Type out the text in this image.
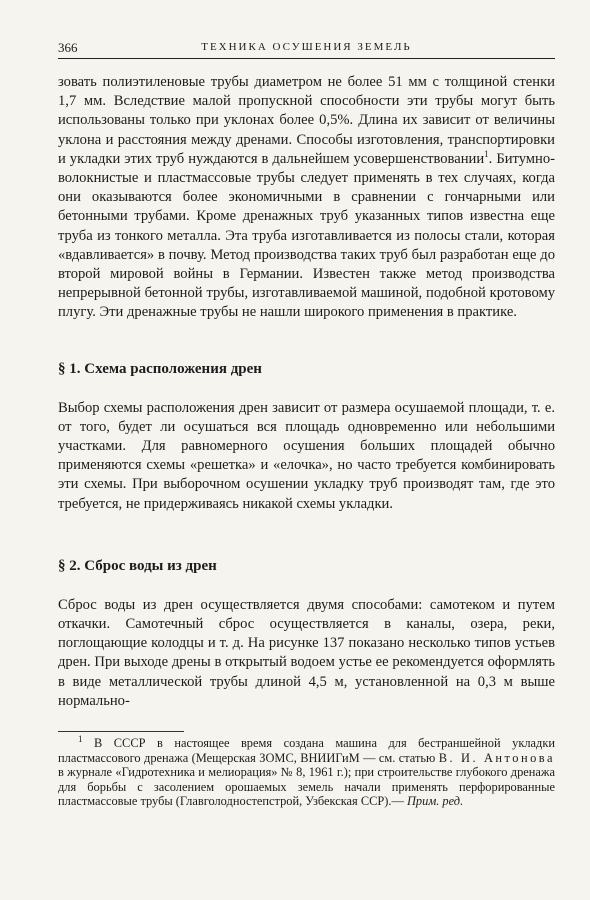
366	ТЕХНИКА ОСУШЕНИЯ ЗЕМЕЛЬ

зовать полиэтиленовые трубы диаметром не более 51 мм с толщиной стенки 1,7 мм. Вследствие малой пропускной способности эти трубы могут быть использованы только при уклонах более 0,5%. Длина их зависит от величины уклона и расстояния между дренами. Способы изготовления, транспортировки и укладки этих труб нуждаются в дальнейшем усовершенствовании$^1$. Битумно-волокнистые и пластмассовые трубы следует применять в тех случаях, когда они оказываются более экономичными в сравнении с гончарными или бетонными трубами. Кроме дренажных труб указанных типов известна еще труба из тонкого металла. Эта труба изготавливается из полосы стали, которая «вдавливается» в почву. Метод производства таких труб был разработан еще до второй мировой войны в Германии. Известен также метод производства непрерывной бетонной трубы, изготавливаемой машиной, подобной кротовому плугу. Эти дренажные трубы не нашли широкого применения в практике.

§ 1. Схема расположения дрен

Выбор схемы расположения дрен зависит от размера осушаемой площади, т. е. от того, будет ли осушаться вся площадь одновременно или небольшими участками. Для равномерного осушения больших площадей обычно применяются схемы «решетка» и «елочка», но часто требуется комбинировать эти схемы. При выборочном осушении укладку труб производят там, где это требуется, не придерживаясь никакой схемы укладки.

§ 2. Сброс воды из дрен

Сброс воды из дрен осуществляется двумя способами: самотеком и путем откачки. Самотечный сброс осуществляется в каналы, озера, реки, поглощающие колодцы и т. д. На рисунке 137 показано несколько типов устьев дрен. При выходе дрены в открытый водоем устье ее рекомендуется оформлять в виде металлической трубы длиной 4,5 м, установленной на 0,3 м выше нормально-

$^1$ В СССР в настоящее время создана машина для бестраншейной укладки пластмассового дренажа (Мещерская ЗОМС, ВНИИГиМ — см. статью В. И. Антонова в журнале «Гидротехника и мелиорация» № 8, 1961 г.); при строительстве глубокого дренажа для борьбы с засолением орошаемых земель начали применять перфорированные пластмассовые трубы (Главголодностепстрой, Узбекская ССР).— Прим. ред.
